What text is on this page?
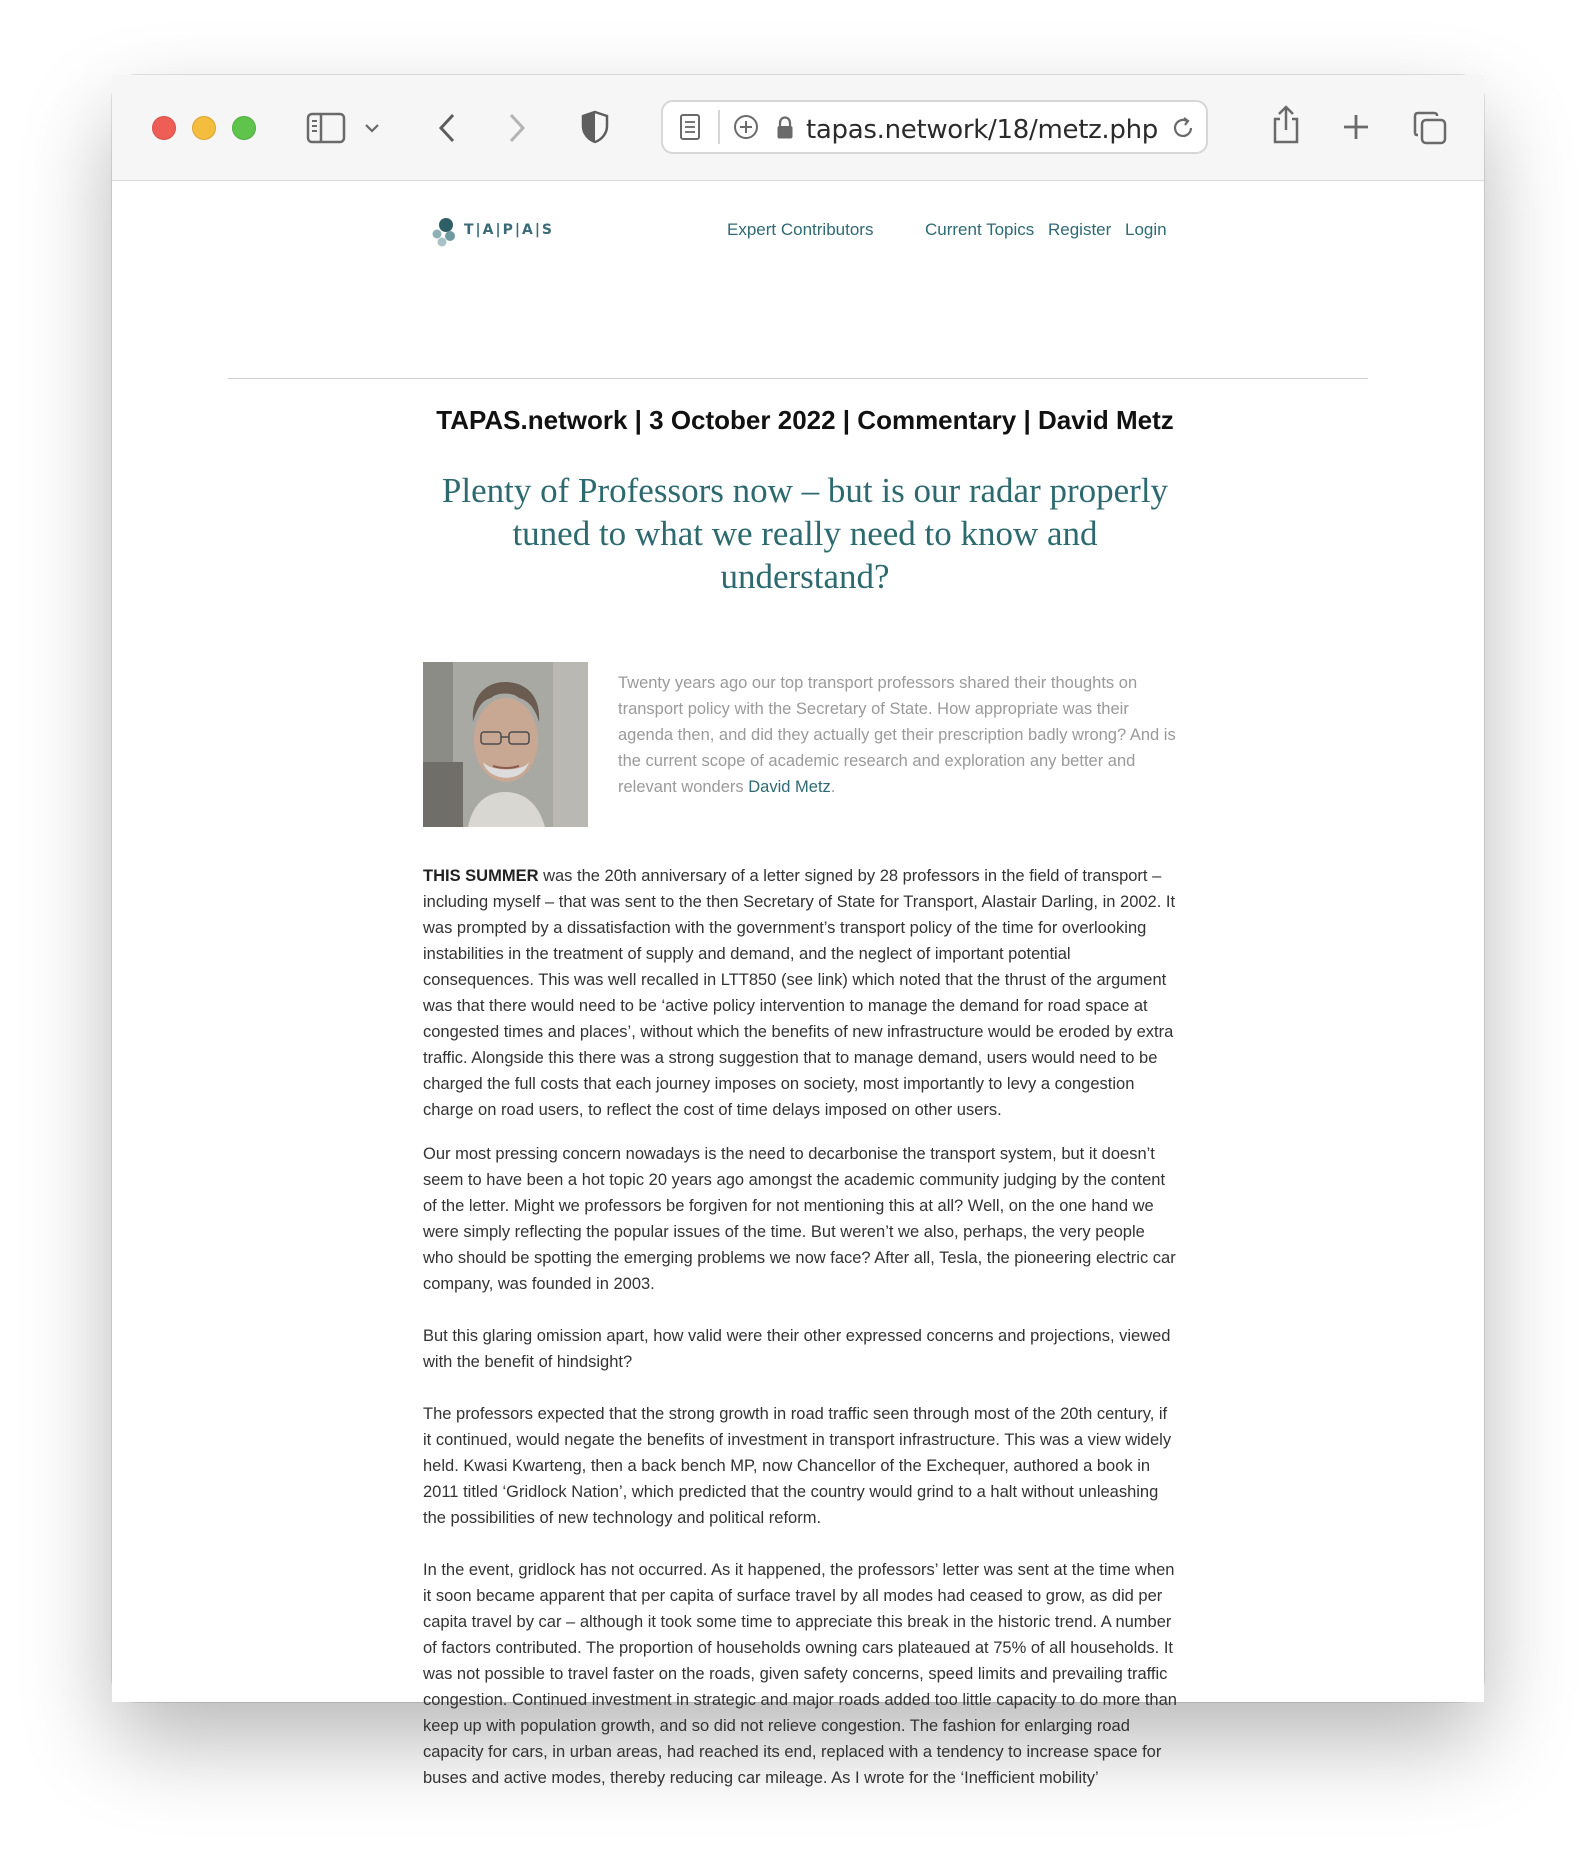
tapas.network/18/metz.php
T|A|P|A|S	Expert Contributors	Current Topics Register Login
TAPAS.network | 3 October 2022 | Commentary | David Metz
Plenty of Professors now – but is our radar properly tuned to what we really need to know and understand?
Twenty years ago our top transport professors shared their thoughts on transport policy with the Secretary of State. How appropriate was their agenda then, and did they actually get their prescription badly wrong? And is the current scope of academic research and exploration any better and relevant wonders David Metz.

THIS SUMMER was the 20th anniversary of a letter signed by 28 professors in the field of transport – including myself – that was sent to the then Secretary of State for Transport, Alastair Darling, in 2002. It was prompted by a dissatisfaction with the government’s transport policy of the time for overlooking instabilities in the treatment of supply and demand, and the neglect of important potential consequences. This was well recalled in LTT850 (see link) which noted that the thrust of the argument was that there would need to be ‘active policy intervention to manage the demand for road space at congested times and places’, without which the benefits of new infrastructure would be eroded by extra traffic. Alongside this there was a strong suggestion that to manage demand, users would need to be charged the full costs that each journey imposes on society, most importantly to levy a congestion charge on road users, to reflect the cost of time delays imposed on other users.

Our most pressing concern nowadays is the need to decarbonise the transport system, but it doesn’t seem to have been a hot topic 20 years ago amongst the academic community judging by the content of the letter. Might we professors be forgiven for not mentioning this at all? Well, on the one hand we were simply reflecting the popular issues of the time. But weren’t we also, perhaps, the very people who should be spotting the emerging problems we now face? After all, Tesla, the pioneering electric car company, was founded in 2003.

But this glaring omission apart, how valid were their other expressed concerns and projections, viewed with the benefit of hindsight?

The professors expected that the strong growth in road traffic seen through most of the 20th century, if it continued, would negate the benefits of investment in transport infrastructure. This was a view widely held. Kwasi Kwarteng, then a back bench MP, now Chancellor of the Exchequer, authored a book in 2011 titled ‘Gridlock Nation’, which predicted that the country would grind to a halt without unleashing the possibilities of new technology and political reform.

In the event, gridlock has not occurred. As it happened, the professors’ letter was sent at the time when it soon became apparent that per capita of surface travel by all modes had ceased to grow, as did per capita travel by car – although it took some time to appreciate this break in the historic trend. A number of factors contributed. The proportion of households owning cars plateaued at 75% of all households. It was not possible to travel faster on the roads, given safety concerns, speed limits and prevailing traffic congestion. Continued investment in strategic and major roads added too little capacity to do more than keep up with population growth, and so did not relieve congestion. The fashion for enlarging road capacity for cars, in urban areas, had reached its end, replaced with a tendency to increase space for buses and active modes, thereby reducing car mileage. As I wrote for the ‘Inefficient mobility’
